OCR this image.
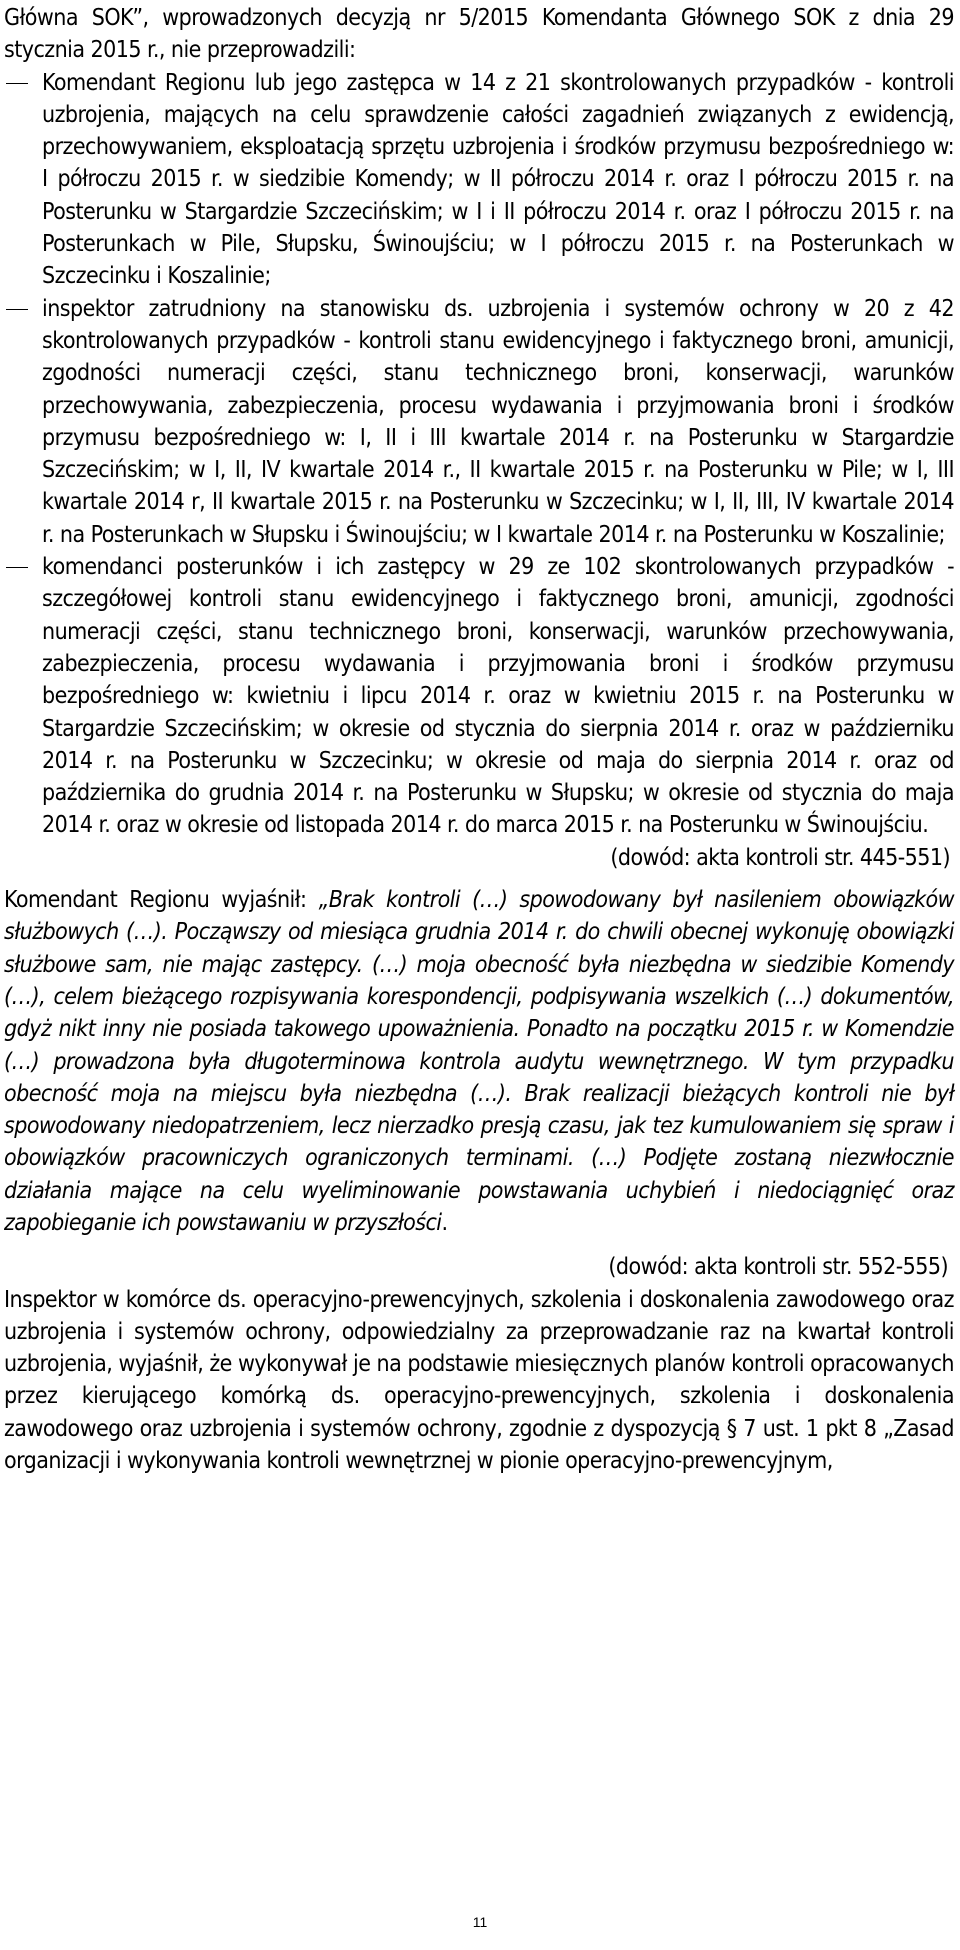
Główna SOK”, wprowadzonych decyzją nr 5/2015 Komendanta Głównego SOK z dnia 29 stycznia 2015 r., nie przeprowadzili:

Komendant Regionu lub jego zastępca w 14 z 21 skontrolowanych przypadków - kontroli uzbrojenia, mających na celu sprawdzenie całości zagadnień związanych z ewidencją, przechowywaniem, eksploatacją sprzętu uzbrojenia i środków przymusu bezpośredniego w: I półroczu 2015 r. w siedzibie Komendy; w II półroczu 2014 r. oraz I półroczu 2015 r. na Posterunku w Stargardzie Szczecińskim; w I i II półroczu 2014 r. oraz I półroczu 2015 r. na Posterunkach w Pile, Słupsku, Świnoujściu; w I półroczu 2015 r. na Posterunkach w Szczecinku i Koszalinie;
inspektor zatrudniony na stanowisku ds. uzbrojenia i systemów ochrony w 20 z 42 skontrolowanych przypadków - kontroli stanu ewidencyjnego i faktycznego broni, amunicji, zgodności numeracji części, stanu technicznego broni, konserwacji, warunków przechowywania, zabezpieczenia, procesu wydawania i przyjmowania broni i środków przymusu bezpośredniego w: I, II i III kwartale 2014 r. na Posterunku w Stargardzie Szczecińskim; w I, II, IV kwartale 2014 r., II kwartale 2015 r. na Posterunku w Pile; w I, III kwartale 2014 r, II kwartale 2015 r. na Posterunku w Szczecinku; w I, II, III, IV kwartale 2014 r. na Posterunkach w Słupsku i Świnoujściu; w I kwartale 2014 r. na Posterunku w Koszalinie;
komendanci posterunków i ich zastępcy w 29 ze 102 skontrolowanych przypadków - szczegółowej kontroli stanu ewidencyjnego i faktycznego broni, amunicji, zgodności numeracji części, stanu technicznego broni, konserwacji, warunków przechowywania, zabezpieczenia, procesu wydawania i przyjmowania broni i środków przymusu bezpośredniego w: kwietniu i lipcu 2014 r. oraz w kwietniu 2015 r. na Posterunku w Stargardzie Szczecińskim; w okresie od stycznia do sierpnia 2014 r. oraz w październiku 2014 r. na Posterunku w Szczecinku; w okresie od maja do sierpnia 2014 r. oraz od października do grudnia 2014 r. na Posterunku w Słupsku; w okresie od stycznia do maja 2014 r. oraz w okresie od listopada 2014 r. do marca 2015 r. na Posterunku w Świnoujściu.

(dowód: akta kontroli str. 445-551)

Komendant Regionu wyjaśnił: „Brak kontroli (…) spowodowany był nasileniem obowiązków służbowych (…). Począwszy od miesiąca grudnia 2014 r. do chwili obecnej wykonuję obowiązki służbowe sam, nie mając zastępcy. (…) moja obecność była niezbędna w siedzibie Komendy (…), celem bieżącego rozpisywania korespondencji, podpisywania wszelkich (…) dokumentów, gdyż nikt inny nie posiada takowego upoważnienia. Ponadto na początku 2015 r. w Komendzie (…) prowadzona była długoterminowa kontrola audytu wewnętrznego. W tym przypadku obecność moja na miejscu była niezbędna (…). Brak realizacji bieżących kontroli nie był spowodowany niedopatrzeniem, lecz nierzadko presją czasu, jak tez kumulowaniem się spraw i obowiązków pracowniczych ograniczonych terminami. (…) Podjęte zostaną niezwłocznie działania mające na celu wyeliminowanie powstawania uchybień i niedociągnięć oraz zapobieganie ich powstawaniu w przyszłości.

(dowód: akta kontroli str. 552-555)

Inspektor w komórce ds. operacyjno-prewencyjnych, szkolenia i doskonalenia zawodowego oraz uzbrojenia i systemów ochrony, odpowiedzialny za przeprowadzanie raz na kwartał kontroli uzbrojenia, wyjaśnił, że wykonywał je na podstawie miesięcznych planów kontroli opracowanych przez kierującego komórką ds. operacyjno-prewencyjnych, szkolenia i doskonalenia zawodowego oraz uzbrojenia i systemów ochrony, zgodnie z dyspozycją § 7 ust. 1 pkt 8 „Zasad organizacji i wykonywania kontroli wewnętrznej w pionie operacyjno-prewencyjnym,

11
